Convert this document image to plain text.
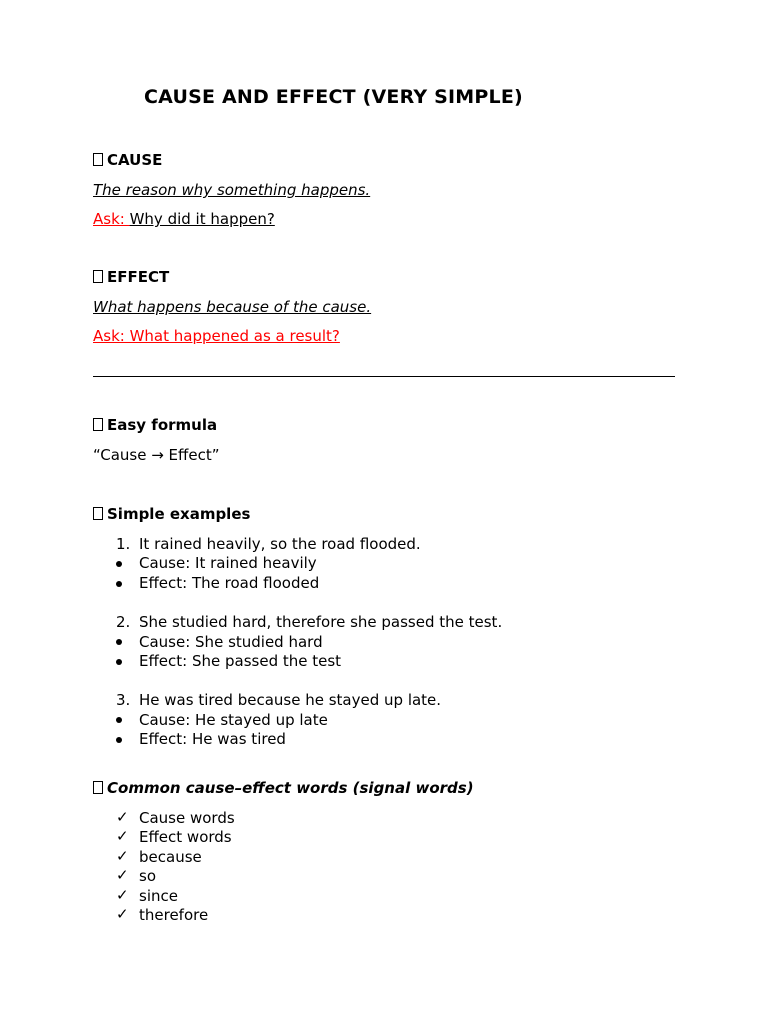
CAUSE AND EFFECT (VERY SIMPLE)
CAUSE
The reason why something happens.
Ask: Why did it happen?
EFFECT
What happens because of the cause.
Ask: What happened as a result?
Easy formula
“Cause → Effect”
Simple examples
1. It rained heavily, so the road flooded.
Cause: It rained heavily
Effect: The road flooded
2. She studied hard, therefore she passed the test.
Cause: She studied hard
Effect: She passed the test
3. He was tired because he stayed up late.
Cause: He stayed up late
Effect: He was tired
Common cause–effect words (signal words)
✓ Cause words
✓ Effect words
✓ because
✓ so
✓ since
✓ therefore
